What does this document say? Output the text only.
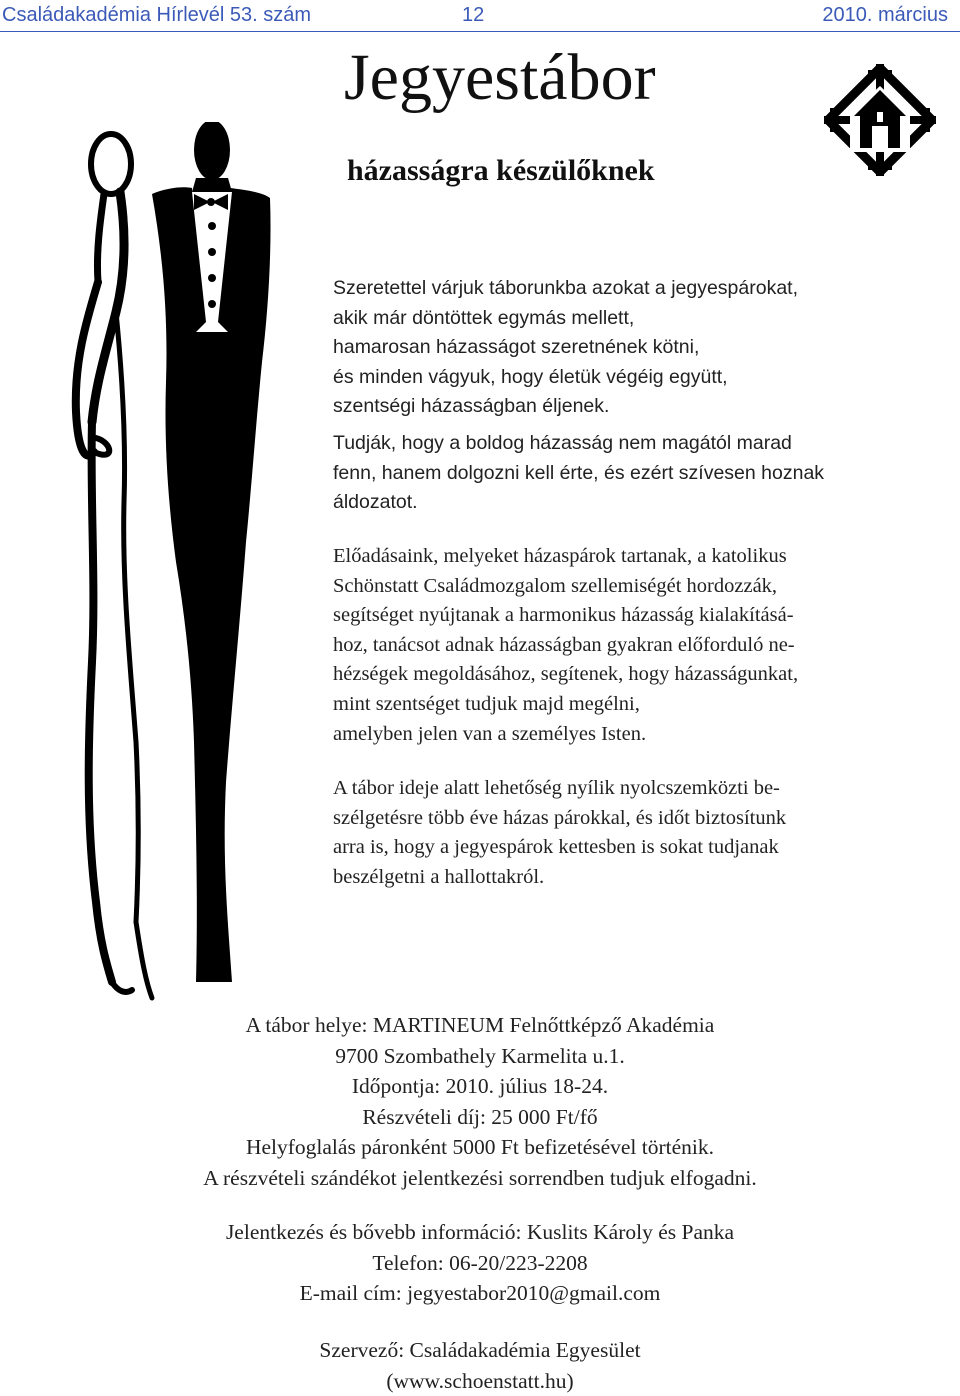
Családakadémia Hírlevél 53. szám	12	2010. március
Jegyestábor
házasságra készülőknek

Szeretettel várjuk táborunkba azokat a jegyespárokat,
akik már döntöttek egymás mellett,
hamarosan házasságot szeretnének kötni,
és minden vágyuk, hogy életük végéig együtt,
szentségi házasságban éljenek.

Tudják, hogy a boldog házasság nem magától marad
fenn, hanem dolgozni kell érte, és ezért szívesen hoznak
áldozatot.

Előadásaink, melyeket házaspárok tartanak, a katolikus
Schönstatt Családmozgalom szellemiségét hordozzák,
segítséget nyújtanak a harmonikus házasság kialakításá-
hoz, tanácsot adnak házasságban gyakran előforduló ne-
hézségek megoldásához, segítenek, hogy házasságunkat,
mint szentséget tudjuk majd megélni,
amelyben jelen van a személyes Isten.

A tábor ideje alatt lehetőség nyílik nyolcszemközti be-
szélgetésre több éve házas párokkal, és időt biztosítunk
arra is, hogy a jegyespárok kettesben is sokat tudjanak
beszélgetni a hallottakról.

A tábor helye: MARTINEUM Felnőttképző Akadémia
9700 Szombathely Karmelita u.1.
Időpontja: 2010. július 18-24.
Részvételi díj: 25 000 Ft/fő
Helyfoglalás páronként 5000 Ft befizetésével történik.
A részvételi szándékot jelentkezési sorrendben tudjuk elfogadni.
Jelentkezés és bővebb információ: Kuslits Károly és Panka
Telefon: 06-20/223-2208
E-mail cím: jegyestabor2010@gmail.com
Szervező: Családakadémia Egyesület
(www.schoenstatt.hu)
